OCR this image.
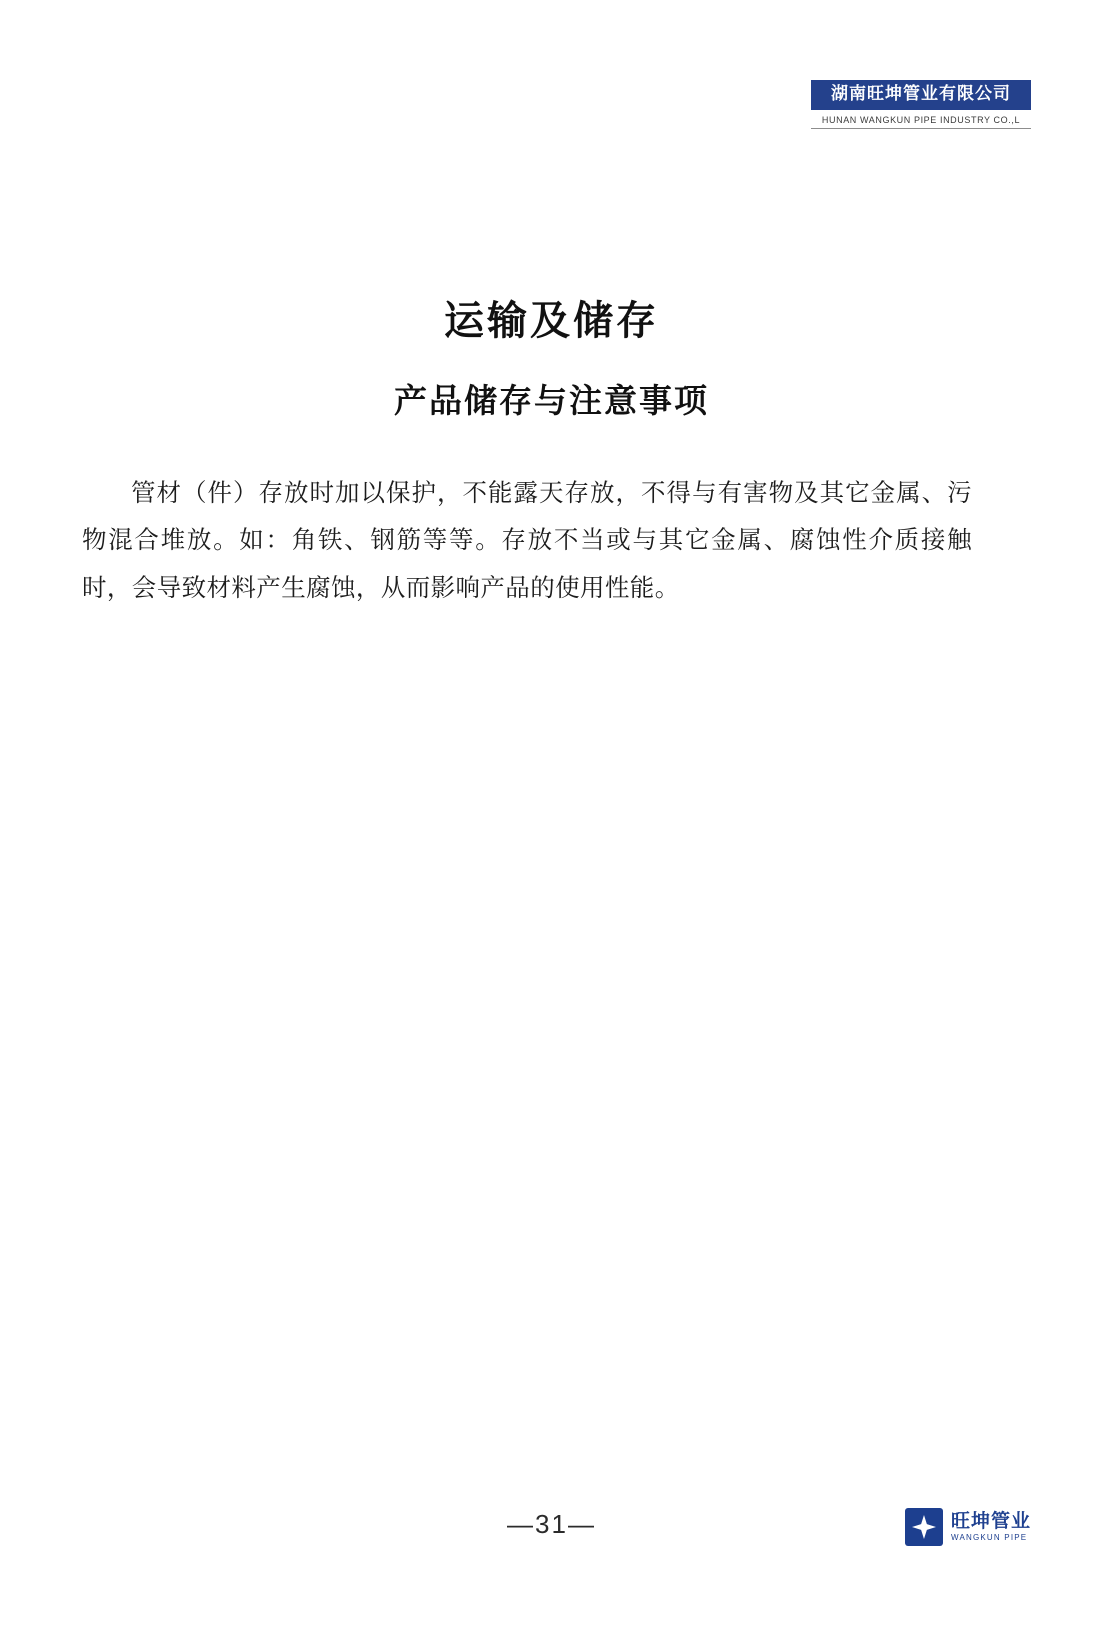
湖南旺坤管业有限公司
HUNAN WANGKUN PIPE INDUSTRY CO.,L
运输及储存
产品储存与注意事项

管材（件）存放时加以保护，不能露天存放，不得与有害物及其它金属、污物混合堆放。如：角铁、钢筋等等。存放不当或与其它金属、腐蚀性介质接触时，会导致材料产生腐蚀，从而影响产品的使用性能。

—31—	旺坤管业
WANGKUN PIPE
